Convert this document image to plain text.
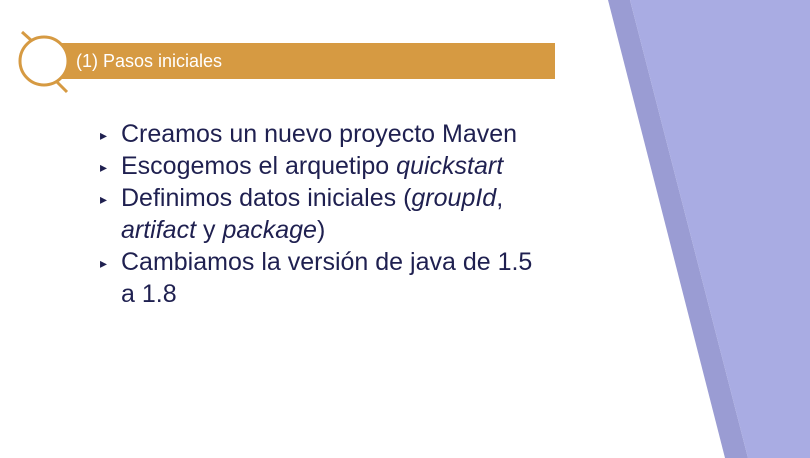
(1) Pasos iniciales
▸ Creamos un nuevo proyecto Maven
▸ Escogemos el arquetipo quickstart
▸ Definimos datos iniciales (groupId, artifact y package)
▸ Cambiamos la versión de java de 1.5 a 1.8
